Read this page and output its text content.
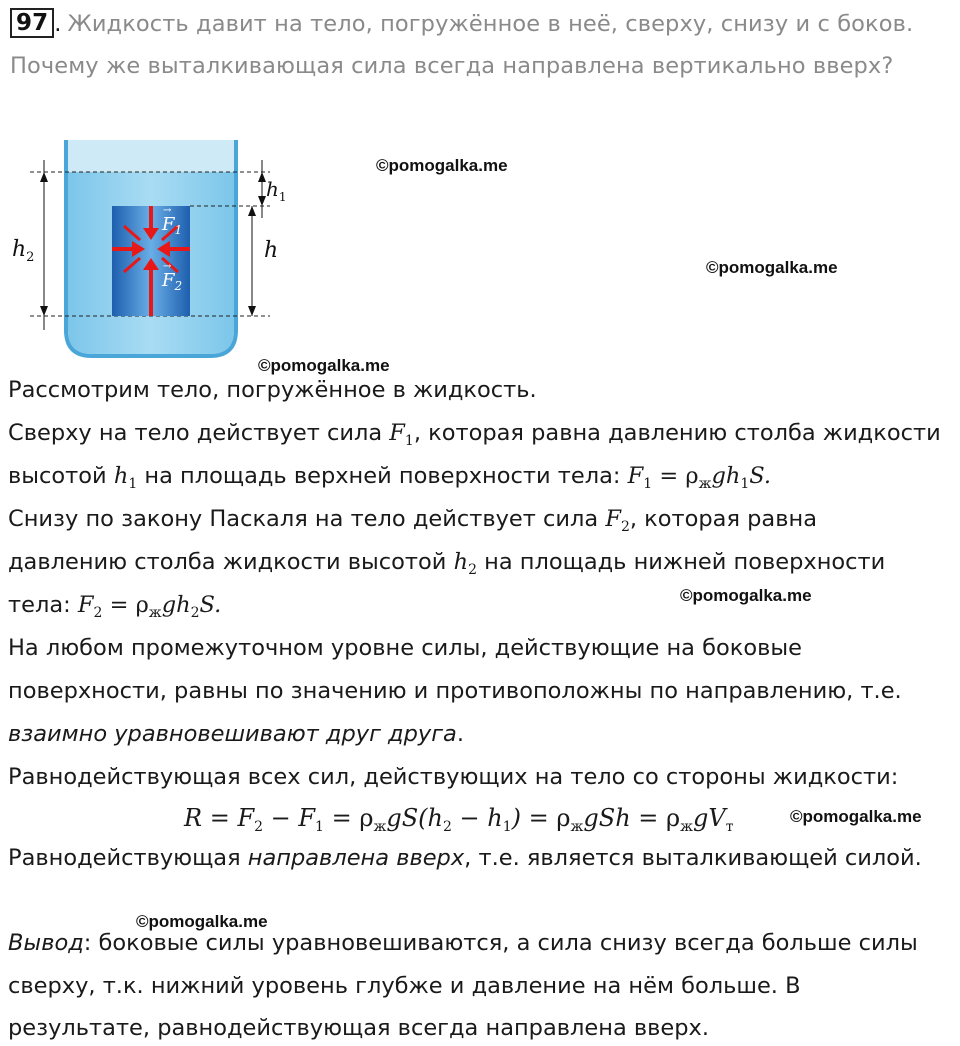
97 . Жидкость давит на тело, погружённое в неё, сверху, снизу и с боков.
Почему же выталкивающая сила всегда направлена вертикально вверх?
$F_1$
→
$F_2$
→
$h_2$
$h_1$
h
©pomogalka.me
©pomogalka.me
©pomogalka.me
©pomogalka.me
©pomogalka.me
©pomogalka.me
Рассмотрим тело, погружённое в жидкость.
Сверху на тело действует сила $F_1$, которая равна давлению столба жидкости
высотой $h_1$ на площадь верхней поверхности тела: $F_1 = \rho_жgh_1S$.
Снизу по закону Паскаля на тело действует сила $F_2$, которая равна
давлению столба жидкости высотой $h_2$ на площадь нижней поверхности
тела: $F_2 = \rho_жgh_2S$.
На любом промежуточном уровне силы, действующие на боковые
поверхности, равны по значению и противоположны по направлению, т.е.
взаимно уравновешивают друг друга.
Равнодействующая всех сил, действующих на тело со стороны жидкости:
$R = F_2 - F_1 = \rho_жgS(h_2 - h_1) = \rho_жgSh = \rho_жgV_т$
Равнодействующая направлена вверх, т.е. является выталкивающей силой.
Вывод: боковые силы уравновешиваются, а сила снизу всегда больше силы
сверху, т.к. нижний уровень глубже и давление на нём больше. В
результате, равнодействующая всегда направлена вверх.
